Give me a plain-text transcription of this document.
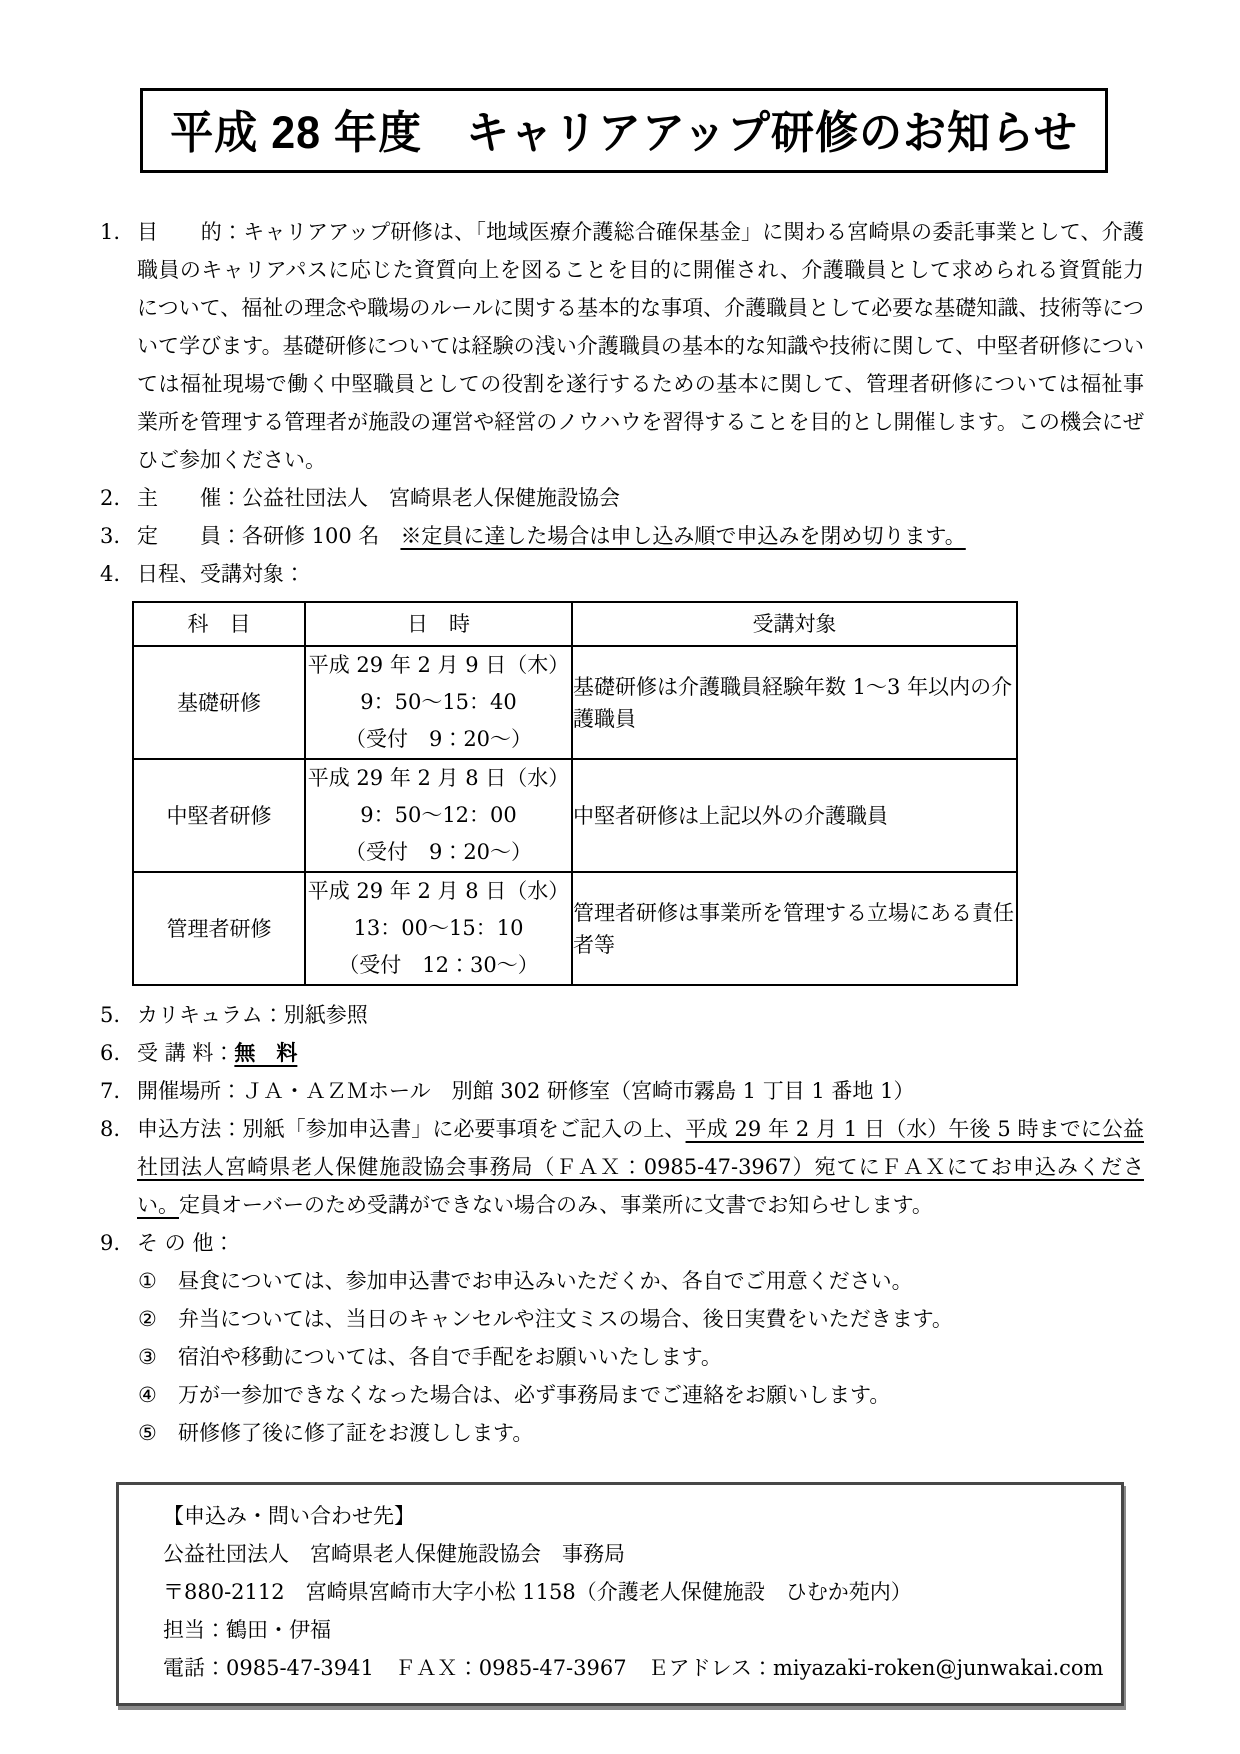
平成 28 年度　キャリアアップ研修のお知らせ
1. 目　　的：キャリアアップ研修は、「地域医療介護総合確保基金」に関わる宮崎県の委託事業として、介護職員のキャリアパスに応じた資質向上を図ることを目的に開催され、介護職員として求められる資質能力について、福祉の理念や職場のルールに関する基本的な事項、介護職員として必要な基礎知識、技術等について学びます。基礎研修については経験の浅い介護職員の基本的な知識や技術に関して、中堅者研修については福祉現場で働く中堅職員としての役割を遂行するための基本に関して、管理者研修については福祉事業所を管理する管理者が施設の運営や経営のノウハウを習得することを目的とし開催します。この機会にぜひご参加ください。
2. 主　　催：公益社団法人　宮崎県老人保健施設協会
3. 定　　員：各研修 100 名　※定員に達した場合は申し込み順で申込みを閉め切ります。
4. 日程、受講対象：
科　目	日　時	受講対象
基礎研修	平成 29 年 2 月 9 日（木）
9：50～15：40
（受付　9：20～）	基礎研修は介護職員経験年数 1～3 年以内の介護職員
中堅者研修	平成 29 年 2 月 8 日（水）
9：50～12：00
（受付　9：20～）	中堅者研修は上記以外の介護職員
管理者研修	平成 29 年 2 月 8 日（水）
13：00～15：10
（受付　12：30～）	管理者研修は事業所を管理する立場にある責任者等
5. カリキュラム：別紙参照
6. 受 講 料：無　料
7. 開催場所：ＪＡ・ＡＺＭホール　別館 302 研修室（宮崎市霧島 1 丁目 1 番地 1）
8. 申込方法：別紙「参加申込書」に必要事項をご記入の上、平成 29 年 2 月 1 日（水）午後 5 時までに公益社団法人宮崎県老人保健施設協会事務局（ＦＡＸ：0985-47-3967）宛てにＦＡＸにてお申込みください。定員オーバーのため受講ができない場合のみ、事業所に文書でお知らせします。
9. そ の 他：
①	昼食については、参加申込書でお申込みいただくか、各自でご用意ください。
②	弁当については、当日のキャンセルや注文ミスの場合、後日実費をいただきます。
③	宿泊や移動については、各自で手配をお願いいたします。
④	万が一参加できなくなった場合は、必ず事務局までご連絡をお願いします。
⑤	研修修了後に修了証をお渡しします。
【申込み・問い合わせ先】
公益社団法人　宮崎県老人保健施設協会　事務局
〒880-2112　宮崎県宮崎市大字小松 1158（介護老人保健施設　ひむか苑内）
担当：鶴田・伊福
電話：0985-47-3941　ＦＡＸ：0985-47-3967　Ｅアドレス：miyazaki-roken@junwakai.com
